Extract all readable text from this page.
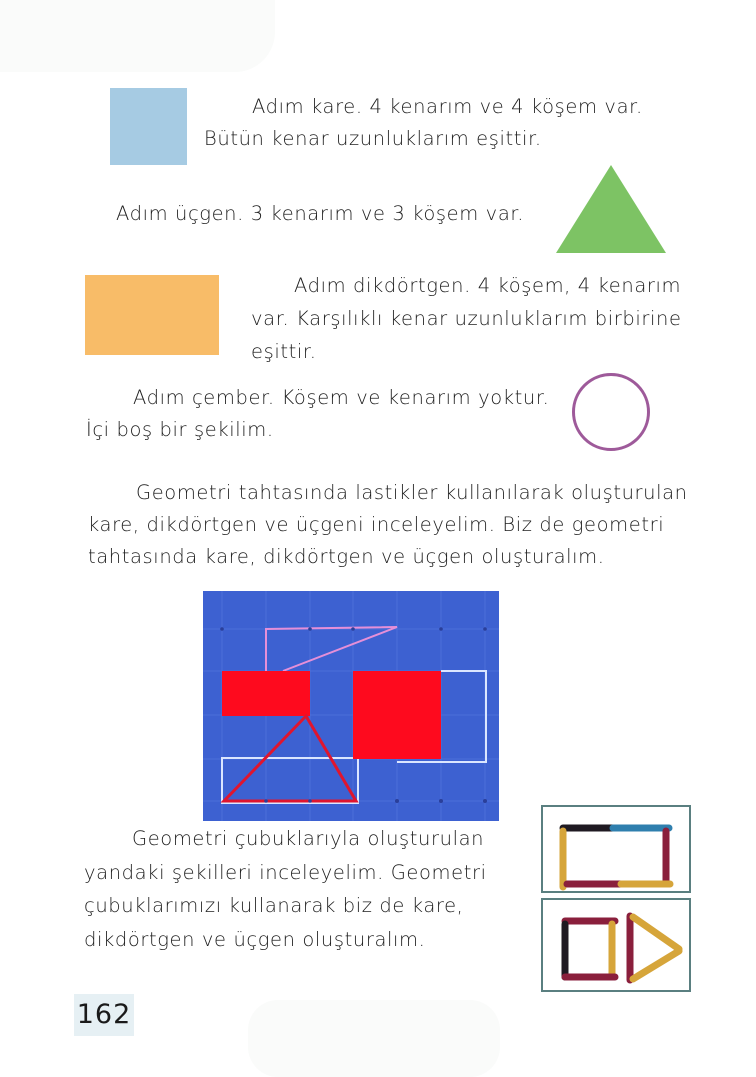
Adım kare. 4 kenarım ve 4 köşem var.
Bütün kenar uzunluklarım eşittir.
Adım üçgen. 3 kenarım ve 3 köşem var.
Adım dikdörtgen. 4 köşem, 4 kenarım
var. Karşılıklı kenar uzunluklarım birbirine
eşittir.
Adım çember. Köşem ve kenarım yoktur.
İçi boş bir şekilim.
Geometri tahtasında lastikler kullanılarak oluşturulan
kare, dikdörtgen ve üçgeni inceleyelim. Biz de geometri
tahtasında kare, dikdörtgen ve üçgen oluşturalım.
Geometri çubuklarıyla oluşturulan
yandaki şekilleri inceleyelim. Geometri
çubuklarımızı kullanarak biz de kare,
dikdörtgen ve üçgen oluşturalım.
162
